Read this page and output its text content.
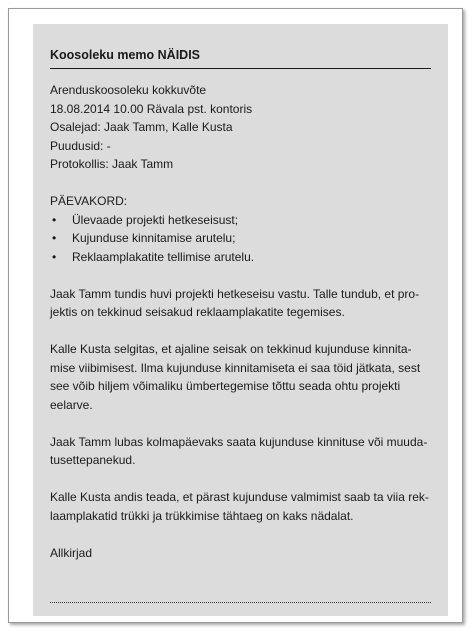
Koosoleku memo NÄIDIS
Arenduskoosoleku kokkuvõte
18.08.2014 10.00 Rävala pst. kontoris
Osalejad: Jaak Tamm, Kalle Kusta
Puudusid: -
Protokollis: Jaak Tamm
PÄEVAKORD:
• Ülevaade projekti hetkeseisust;
• Kujunduse kinnitamise arutelu;
• Reklaamplakatite tellimise arutelu.
Jaak Tamm tundis huvi projekti hetkeseisu vastu. Talle tundub, et pro-
jektis on tekkinud seisakud reklaamplakatite tegemises.
Kalle Kusta selgitas, et ajaline seisak on tekkinud kujunduse kinnita-
mise viibimisest. Ilma kujunduse kinnitamiseta ei saa töid jätkata, sest
see võib hiljem võimaliku ümbertegemise tõttu seada ohtu projekti
eelarve.
Jaak Tamm lubas kolmapäevaks saata kujunduse kinnituse või muuda-
tusettepanekud.
Kalle Kusta andis teada, et pärast kujunduse valmimist saab ta viia rek-
laamplakatid trükki ja trükkimise tähtaeg on kaks nädalat.
Allkirjad
